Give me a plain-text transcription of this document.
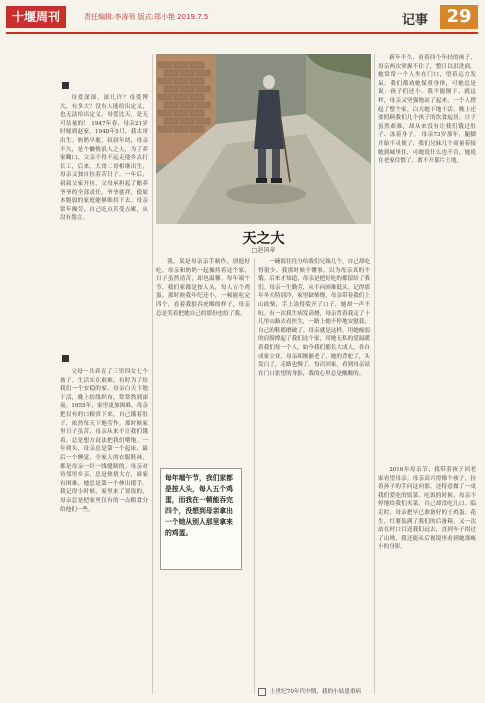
十堰周刊	责任编辑:李涛领 版式:郑小艳 2019.7.5	记事	29

母爱深深，深几许？母爱博大，有多大？没有人能给出定义，也无法给出定义，母爱比天，是无可估量的！ 1947年春，母亲21岁时嫁到赵家，1948年5月，我太哥出生。奶奶早逝，叔叔年幼，母亲不久，是个懒惰浪人之人，为了养家糊口，父亲不得不远走他乡去打长工，后来，大哥二哥相继出生，母亲又独自拉着苦日子。一年后，叔叔父家开拉，父母承担起了赡养爷爷的全部责任。爷爷慈祥，使原本脆弱的家庭能够维持下去。母亲常年操劳，自己吃点苦受点累，从没有怨言。

父母一共养育了三男四女七个孩子。生活实在艰难，有时为了给我们一个安稳的家，母亲白天下地干活，晚上纺线织布，常常熬到深夜。1955年，家里更加困难，母亲把仅有的口粮省下来，自己饿着肚子，依然每天下地劳作。那时候家里日子虽苦，母亲从来不让我们饿着，总是想方设法把我们喂饱。一年到头，母亲总是第一个起床，最后一个睡觉。全家人的衣服鞋袜，都是母亲一针一线缝制的。母亲对待邻里乡亲，总是热情大方，谁家有困难，她总是第一个伸出援手。我记得小时候，家里来了要饭的，母亲总是把家里仅有的一点粮食分给他们一些。

天之大
□赵国章

我。某是母亲亲手制作，别他好吃。母亲和奶奶一起操持着这个家，日子虽然清苦，却也温馨。每年端午节，我们家都是按人头，每人五个鸡蛋。那时候我年纪还小，一顿能吃完四个，看着我狼吞虎咽的样子，母亲总是笑着把她自己的那份也给了我。

每年端午节，我们家都是按人头，每人五个鸡蛋，而我在一顿能吞完四个，没想到母亲拿出一个她从别人那里拿来的鸡蛋。

一碗饭往往分给我们兄妹几个，自己却吃得很少。我那时候不懂事，以为母亲真的不饿。后来才知道，母亲是把好吃的都留给了我们。母亲一生勤劳，从不向困难低头。记得那年冬天特别冷，家里缺柴烧，母亲带着我们上山砍柴，手上冻得裂开了口子，她却一声不吭。有一次我生病发高烧，母亲背着我走了十几里山路去看医生，一路上她不停地安慰我，自己的鞋都磨破了。母亲就是这样，用她瘦弱的肩膀撑起了我们这个家，用她无私的爱温暖着我们每一个人。如今我们都长大成人，各自成家立业，母亲却渐渐老了，她的背驼了，头发白了，走路也慢了。每次回家，看到母亲站在门口张望的身影，我的心里总是酸酸的。

新年不久，看着四个年轻的孩子，母亲两次掌握不住了，整日以泪洗面。她常常一个人坐在门口，望着远方发呆。我们都劝她保重身体，可她总是说：孩子们还小，我不能倒下。就这样，母亲又坚强地站了起来，一个人撑起了整个家。白天她下地干活，晚上还要照顾我们几个孩子的饮食起居，日子虽然艰难，却从来没有让我们饿过肚子、冻着身子。 母亲73岁那年，腿脚开始不灵便了，我们兄妹几个商量着接她到城里住，可她说什么也不肯，她说在老家住惯了，离不开那片土地。

2016年母亲节，我带着孩子回老家看望母亲。母亲高兴得像个孩子，拉着孙子的手问这问那，还特意做了一桌我们爱吃的饭菜。吃饭的时候，母亲不停地给我们夹菜，自己却没吃几口。临走时，母亲把早已准备好的土鸡蛋、花生、红薯装满了我们的后备箱，又一次站在村口目送我们远去，直到车子拐过了山坳，我还能从后视镜里看到她那瘦小的身影。

上世纪70年代中期，我的小姑患重病
